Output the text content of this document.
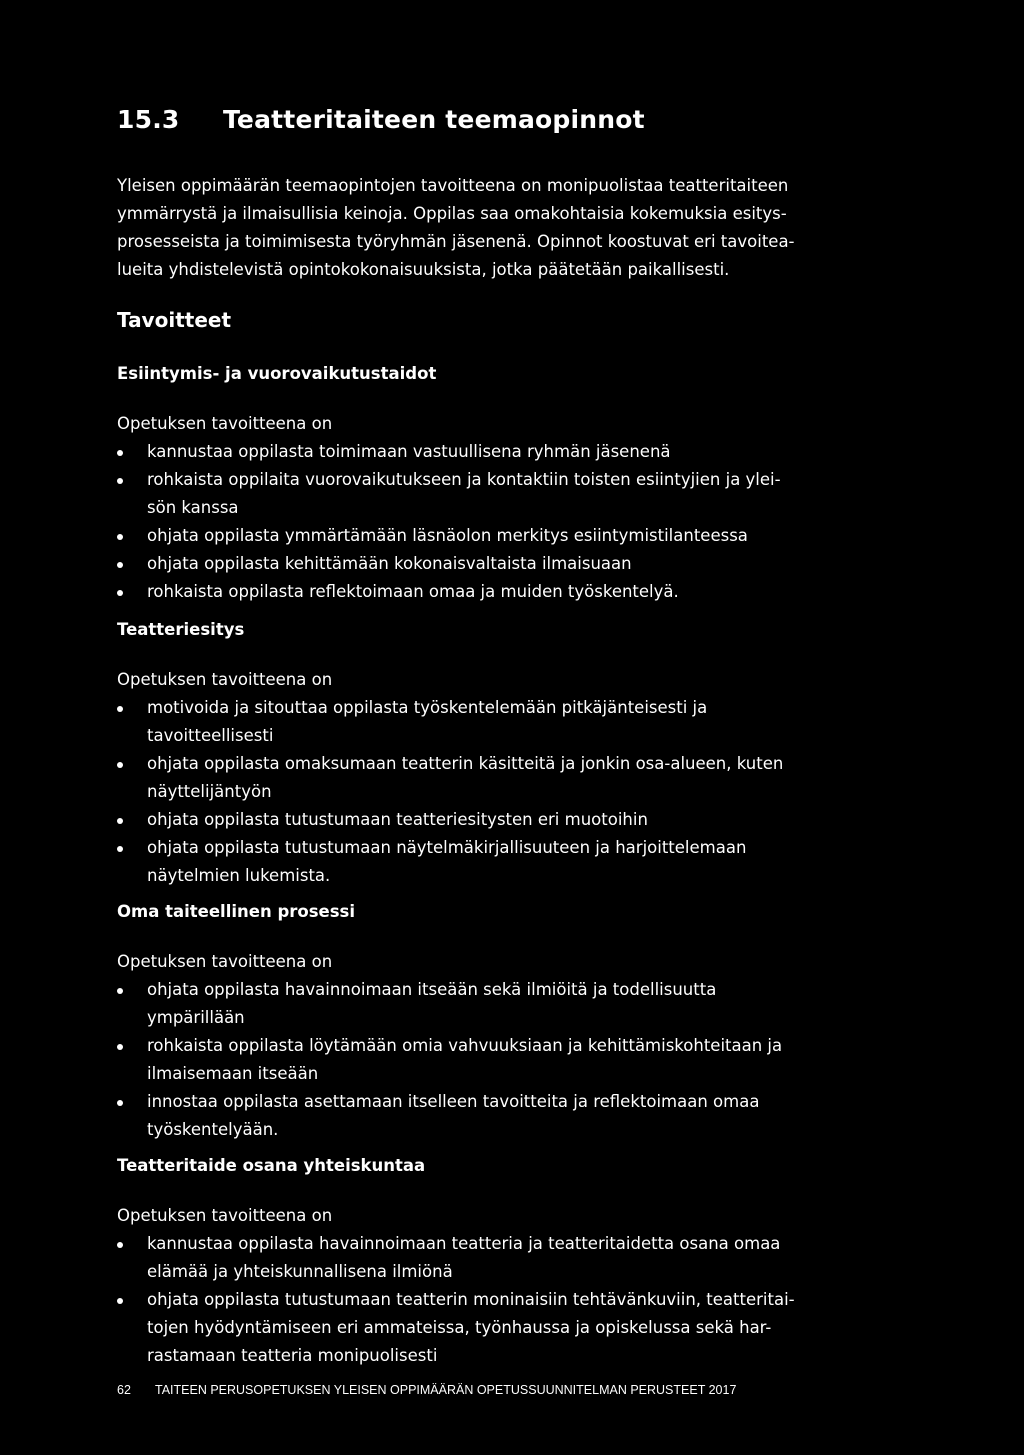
15.3 Teatteritaiteen teemaopinnot

Yleisen oppimäärän teemaopintojen tavoitteena on monipuolistaa teatteritaiteen
ymmärrystä ja ilmaisullisia keinoja. Oppilas saa omakohtaisia kokemuksia esitys-
prosesseista ja toimimisesta työryhmän jäsenenä. Opinnot koostuvat eri tavoitea-
lueita yhdistelevistä opintokokonaisuuksista, jotka päätetään paikallisesti.

Tavoitteet
Esiintymis- ja vuorovaikutustaidot

Opetuksen tavoitteena on

kannustaa oppilasta toimimaan vastuullisena ryhmän jäsenenä
rohkaista oppilaita vuorovaikutukseen ja kontaktiin toisten esiintyjien ja ylei-
sön kanssa
ohjata oppilasta ymmärtämään läsnäolon merkitys esiintymistilanteessa
ohjata oppilasta kehittämään kokonaisvaltaista ilmaisuaan
rohkaista oppilasta reflektoimaan omaa ja muiden työskentelyä.
Teatteriesitys

Opetuksen tavoitteena on

motivoida ja sitouttaa oppilasta työskentelemään pitkäjänteisesti ja
tavoitteellisesti
ohjata oppilasta omaksumaan teatterin käsitteitä ja jonkin osa-alueen, kuten
näyttelijäntyön
ohjata oppilasta tutustumaan teatteriesitysten eri muotoihin
ohjata oppilasta tutustumaan näytelmäkirjallisuuteen ja harjoittelemaan
näytelmien lukemista.
Oma taiteellinen prosessi

Opetuksen tavoitteena on

ohjata oppilasta havainnoimaan itseään sekä ilmiöitä ja todellisuutta
ympärillään
rohkaista oppilasta löytämään omia vahvuuksiaan ja kehittämiskohteitaan ja
ilmaisemaan itseään
innostaa oppilasta asettamaan itselleen tavoitteita ja reflektoimaan omaa
työskentelyään.
Teatteritaide osana yhteiskuntaa

Opetuksen tavoitteena on

kannustaa oppilasta havainnoimaan teatteria ja teatteritaidetta osana omaa
elämää ja yhteiskunnallisena ilmiönä
ohjata oppilasta tutustumaan teatterin moninaisiin tehtävänkuviin, teatteritai-
tojen hyödyntämiseen eri ammateissa, työnhaussa ja opiskelussa sekä har-
rastamaan teatteria monipuolisesti
62 TAITEEN PERUSOPETUKSEN YLEISEN OPPIMÄÄRÄN OPETUSSUUNNITELMAN PERUSTEET 2017
